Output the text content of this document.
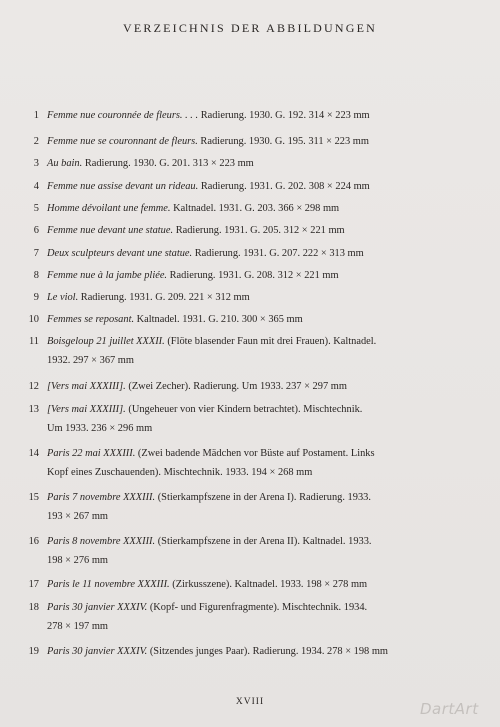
VERZEICHNIS DER ABBILDUNGEN
1 Femme nue couronnée de fleurs. . . . Radierung. 1930. G. 192. 314 × 223 mm
2 Femme nue se couronnant de fleurs. Radierung. 1930. G. 195. 311 × 223 mm
3 Au bain. Radierung. 1930. G. 201. 313 × 223 mm
4 Femme nue assise devant un rideau. Radierung. 1931. G. 202. 308 × 224 mm
5 Homme dévoilant une femme. Kaltnadel. 1931. G. 203. 366 × 298 mm
6 Femme nue devant une statue. Radierung. 1931. G. 205. 312 × 221 mm
7 Deux sculpteurs devant une statue. Radierung. 1931. G. 207. 222 × 313 mm
8 Femme nue à la jambe pliée. Radierung. 1931. G. 208. 312 × 221 mm
9 Le viol. Radierung. 1931. G. 209. 221 × 312 mm
10 Femmes se reposant. Kaltnadel. 1931. G. 210. 300 × 365 mm
11 Boisgeloup 21 juillet XXXII. (Flöte blasender Faun mit drei Frauen). Kaltnadel.
1932. 297 × 367 mm
12 [Vers mai XXXIII]. (Zwei Zecher). Radierung. Um 1933. 237 × 297 mm
13 [Vers mai XXXIII]. (Ungeheuer von vier Kindern betrachtet). Mischtechnik.
Um 1933. 236 × 296 mm
14 Paris 22 mai XXXIII. (Zwei badende Mädchen vor Büste auf Postament. Links
Kopf eines Zuschauenden). Mischtechnik. 1933. 194 × 268 mm
15 Paris 7 novembre XXXIII. (Stierkampfszene in der Arena I). Radierung. 1933.
193 × 267 mm
16 Paris 8 novembre XXXIII. (Stierkampfszene in der Arena II). Kaltnadel. 1933.
198 × 276 mm
17 Paris le 11 novembre XXXIII. (Zirkusszene). Kaltnadel. 1933. 198 × 278 mm
18 Paris 30 janvier XXXIV. (Kopf- und Figurenfragmente). Mischtechnik. 1934.
278 × 197 mm
19 Paris 30 janvier XXXIV. (Sitzendes junges Paar). Radierung. 1934. 278 × 198 mm
XVIII	DartArt
